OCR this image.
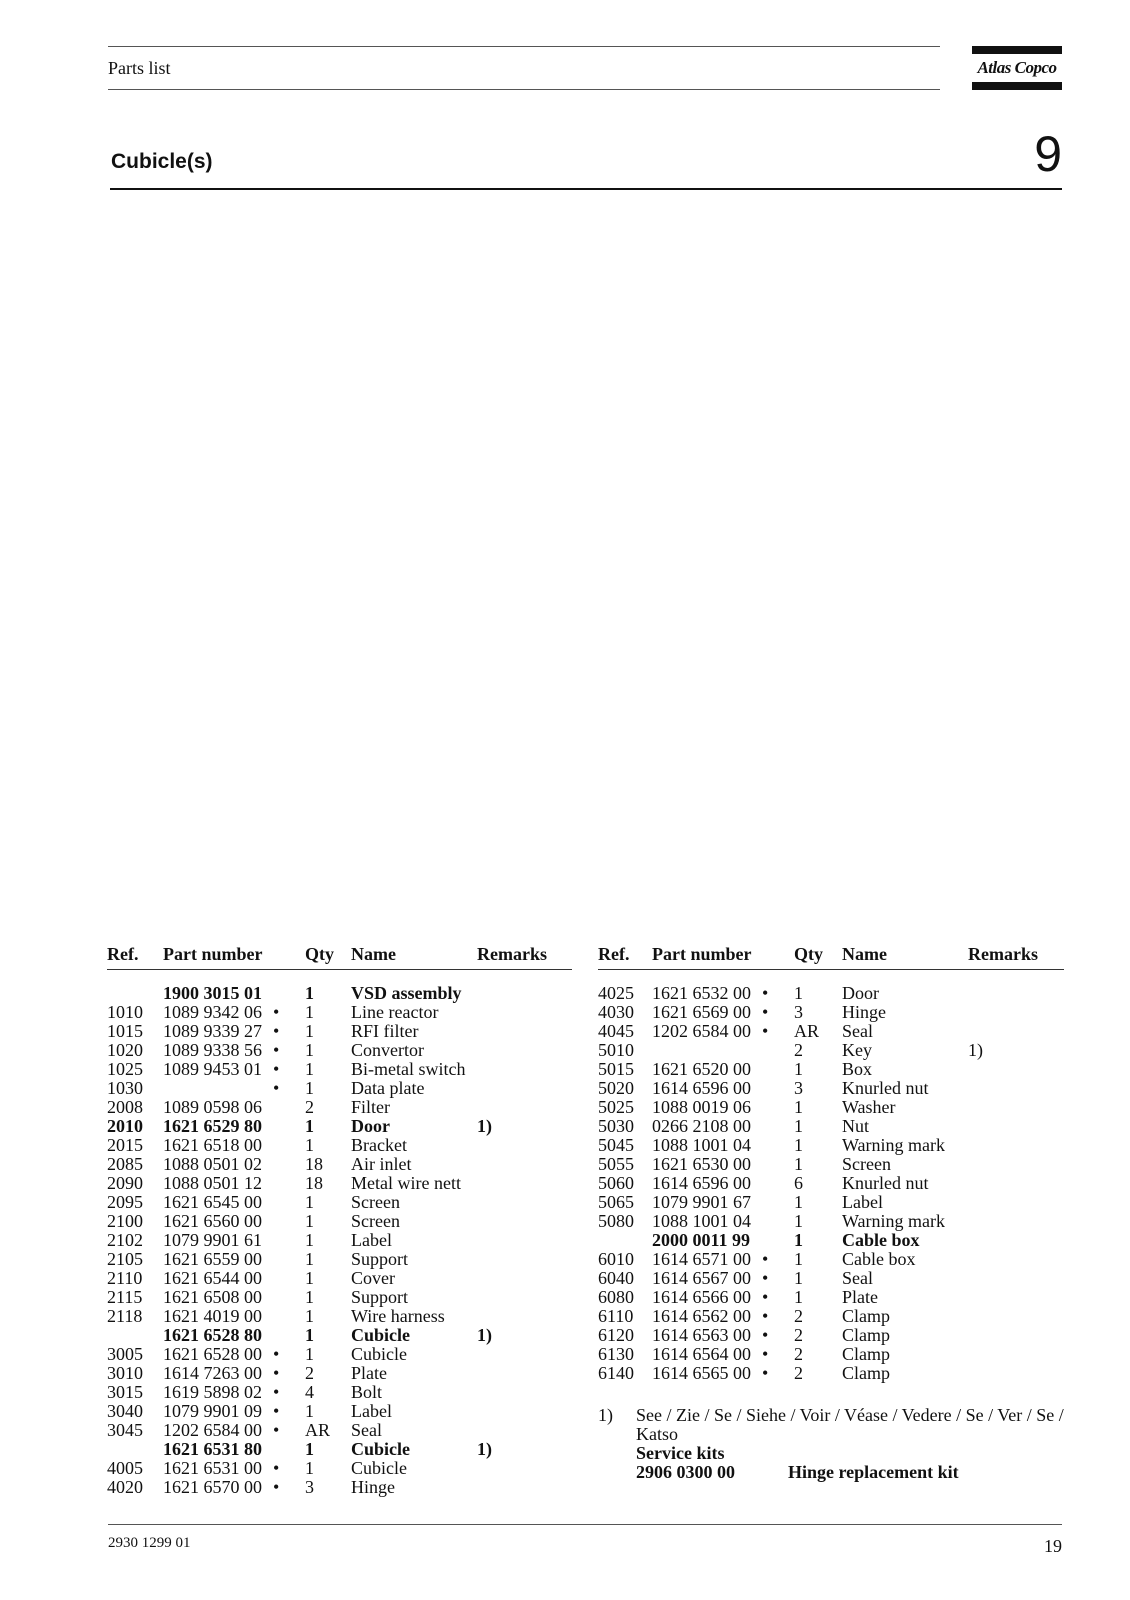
Parts list	Atlas Copco
Cubicle(s)	9
Ref. Part number Qty Name	Remarks
1900 3015 01 1 VSD assembly
1010 1089 9342 06 • 1 Line reactor
1015 1089 9339 27 • 1 RFI filter
1020 1089 9338 56 • 1 Convertor
1025 1089 9453 01 • 1 Bi-metal switch
1030	• 1 Data plate
2008 1089 0598 06 2 Filter
2010 1621 6529 80 1 Door	1)
2015 1621 6518 00 1 Bracket
2085 1088 0501 02 18 Air inlet
2090 1088 0501 12 18 Metal wire nett
2095 1621 6545 00 1 Screen
2100 1621 6560 00 1 Screen
2102 1079 9901 61 1 Label
2105 1621 6559 00 1 Support
2110 1621 6544 00 1 Cover
2115 1621 6508 00 1 Support
2118 1621 4019 00 1 Wire harness
1621 6528 80 1 Cubicle	1)
3005 1621 6528 00 • 1 Cubicle
3010 1614 7263 00 • 2 Plate
3015 1619 5898 02 • 4 Bolt
3040 1079 9901 09 • 1 Label
3045 1202 6584 00 • AR Seal
1621 6531 80 1 Cubicle	1)
4005 1621 6531 00 • 1 Cubicle
4020 1621 6570 00 • 3 Hinge
Ref. Part number Qty Name	Remarks
4025 1621 6532 00 • 1 Door
4030 1621 6569 00 • 3 Hinge
4045 1202 6584 00 • AR Seal
5010	2 Key	1)
5015 1621 6520 00 1 Box
5020 1614 6596 00 3 Knurled nut
5025 1088 0019 06 1 Washer
5030 0266 2108 00 1 Nut
5045 1088 1001 04 1 Warning mark
5055 1621 6530 00 1 Screen
5060 1614 6596 00 6 Knurled nut
5065 1079 9901 67 1 Label
5080 1088 1001 04 1 Warning mark
2000 0011 99 1 Cable box
6010 1614 6571 00 • 1 Cable box
6040 1614 6567 00 • 1 Seal
6080 1614 6566 00 • 1 Plate
6110 1614 6562 00 • 2 Clamp
6120 1614 6563 00 • 2 Clamp
6130 1614 6564 00 • 2 Clamp
6140 1614 6565 00 • 2 Clamp
1) See / Zie / Se / Siehe / Voir / Véase / Vedere / Se / Ver / Se / Katso
Service kits
2906 0300 00	Hinge replacement kit
2930 1299 01	19
